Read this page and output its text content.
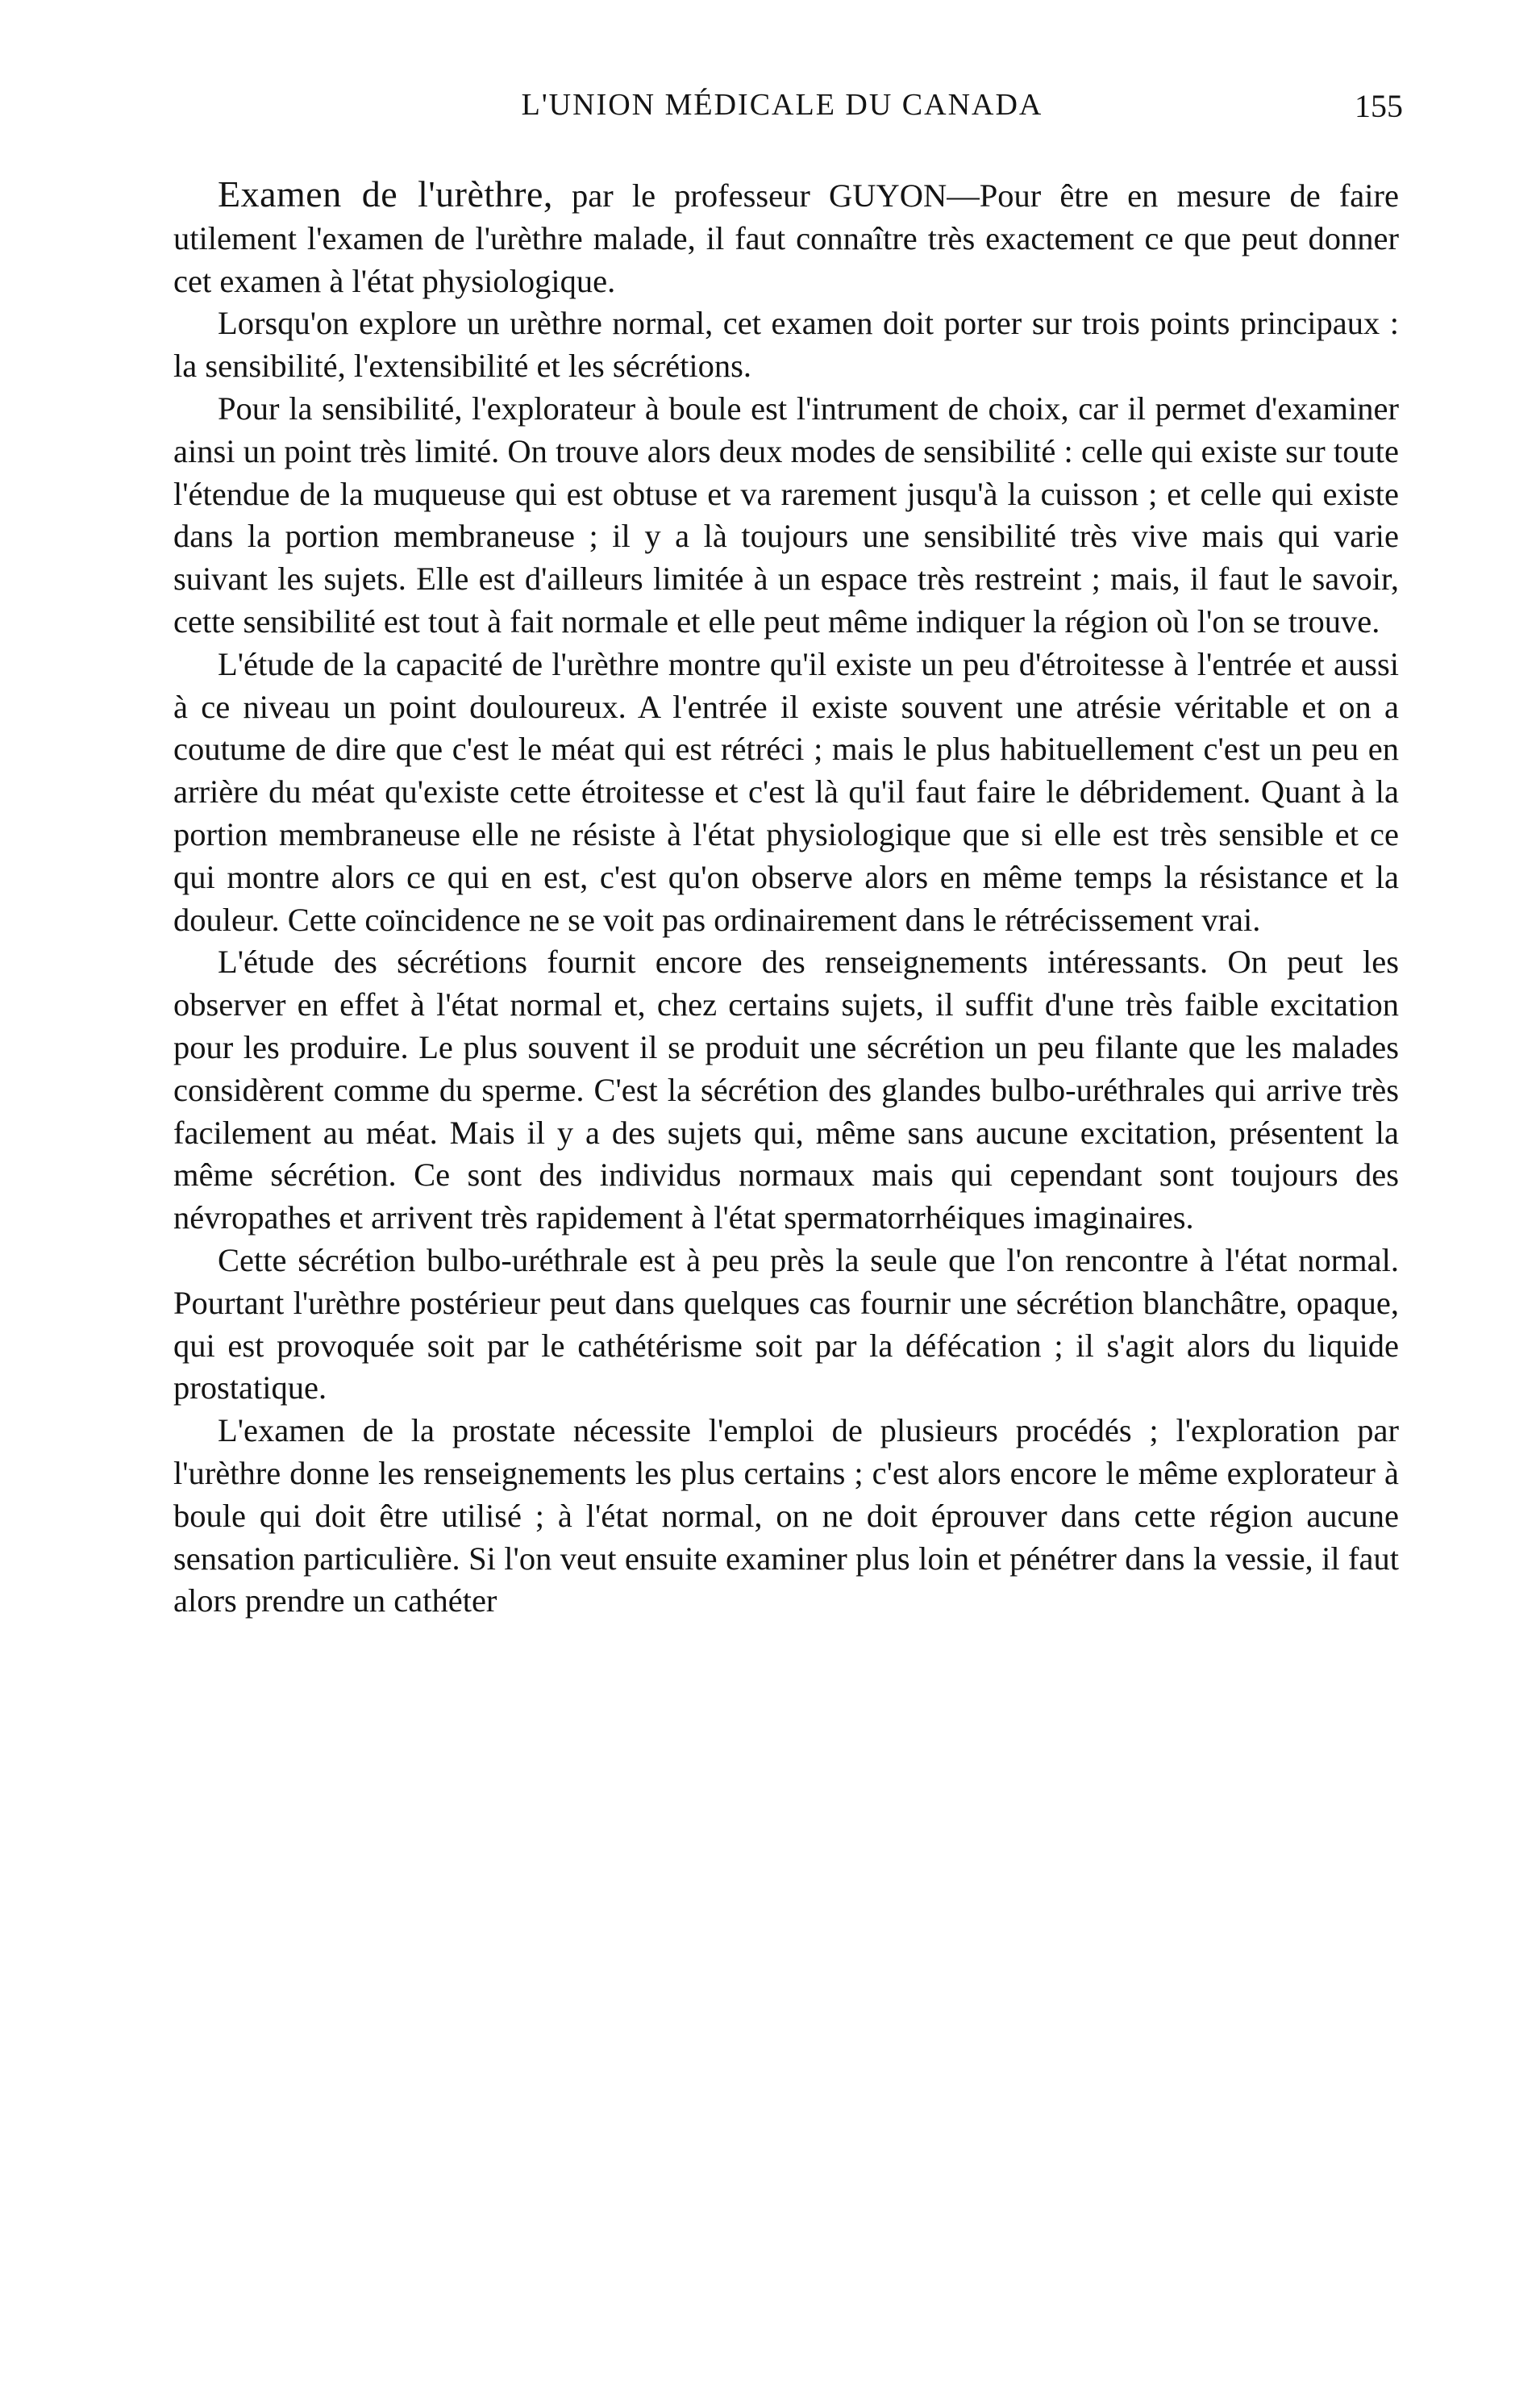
L'UNION MÉDICALE DU CANADA	155

Examen de l'urèthre, par le professeur GUYON—Pour être en mesure de faire utilement l'examen de l'urèthre malade, il faut connaître très exactement ce que peut donner cet examen à l'état physiologique.

Lorsqu'on explore un urèthre normal, cet examen doit porter sur trois points principaux : la sensibilité, l'extensibilité et les sécrétions.

Pour la sensibilité, l'explorateur à boule est l'intrument de choix, car il permet d'examiner ainsi un point très limité. On trouve alors deux modes de sensibilité : celle qui existe sur toute l'étendue de la muqueuse qui est obtuse et va rarement jusqu'à la cuisson ; et celle qui existe dans la portion membraneuse ; il y a là toujours une sensibilité très vive mais qui varie suivant les sujets. Elle est d'ailleurs limitée à un espace très restreint ; mais, il faut le savoir, cette sensibilité est tout à fait normale et elle peut même indiquer la région où l'on se trouve.

L'étude de la capacité de l'urèthre montre qu'il existe un peu d'étroitesse à l'entrée et aussi à ce niveau un point douloureux. A l'entrée il existe souvent une atrésie véritable et on a coutume de dire que c'est le méat qui est rétréci ; mais le plus habituellement c'est un peu en arrière du méat qu'existe cette étroitesse et c'est là qu'il faut faire le débridement. Quant à la portion membraneuse elle ne résiste à l'état physiologique que si elle est très sensible et ce qui montre alors ce qui en est, c'est qu'on observe alors en même temps la résistance et la douleur. Cette coïncidence ne se voit pas ordinairement dans le rétrécissement vrai.

L'étude des sécrétions fournit encore des renseignements intéressants. On peut les observer en effet à l'état normal et, chez certains sujets, il suffit d'une très faible excitation pour les produire. Le plus souvent il se produit une sécrétion un peu filante que les malades considèrent comme du sperme. C'est la sécrétion des glandes bulbo-uréthrales qui arrive très facilement au méat. Mais il y a des sujets qui, même sans aucune excitation, présentent la même sécrétion. Ce sont des individus normaux mais qui cependant sont toujours des névropathes et arrivent très rapidement à l'état spermatorrhéiques imaginaires.

Cette sécrétion bulbo-uréthrale est à peu près la seule que l'on rencontre à l'état normal. Pourtant l'urèthre postérieur peut dans quelques cas fournir une sécrétion blanchâtre, opaque, qui est provoquée soit par le cathétérisme soit par la défécation ; il s'agit alors du liquide prostatique.

L'examen de la prostate nécessite l'emploi de plusieurs procédés ; l'exploration par l'urèthre donne les renseignements les plus certains ; c'est alors encore le même explorateur à boule qui doit être utilisé ; à l'état normal, on ne doit éprouver dans cette région aucune sensation particulière. Si l'on veut ensuite examiner plus loin et pénétrer dans la vessie, il faut alors prendre un cathéter
